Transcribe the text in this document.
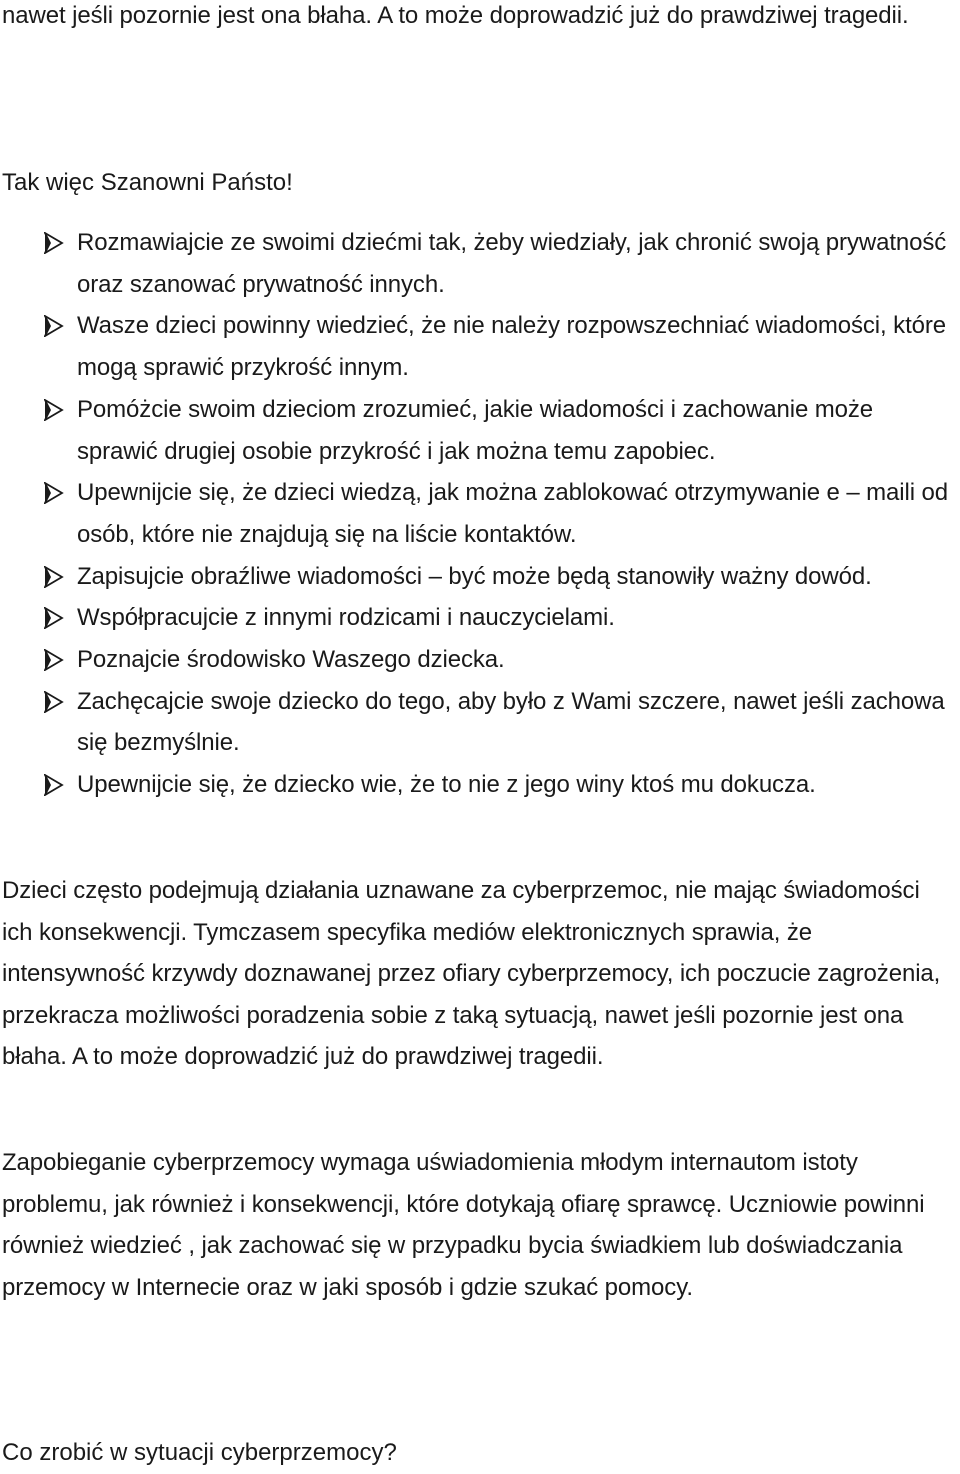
nawet jeśli pozornie jest ona błaha. A to może doprowadzić już do prawdziwej tragedii.

Tak więc Szanowni Państo!

Rozmawiajcie ze swoimi dziećmi tak, żeby wiedziały, jak chronić swoją prywatność oraz szanować prywatność innych.
Wasze dzieci powinny wiedzieć, że nie należy rozpowszechniać wiadomości, które mogą sprawić przykrość innym.
Pomóżcie swoim dzieciom zrozumieć, jakie wiadomości i zachowanie może sprawić drugiej osobie przykrość i jak można temu zapobiec.
Upewnijcie się, że dzieci wiedzą, jak można zablokować otrzymywanie e – maili od osób, które nie znajdują się na liście kontaktów.
Zapisujcie obraźliwe wiadomości – być może będą stanowiły ważny dowód.
Współpracujcie z innymi rodzicami i nauczycielami.
Poznajcie środowisko Waszego dziecka.
Zachęcajcie swoje dziecko do tego, aby było z Wami szczere, nawet jeśli zachowa się bezmyślnie.
Upewnijcie się, że dziecko wie, że to nie z jego winy ktoś mu dokucza.

Dzieci często podejmują działania uznawane za cyberprzemoc, nie mając świadomości ich konsekwencji. Tymczasem specyfika mediów elektronicznych sprawia, że intensywność krzywdy doznawanej przez ofiary cyberprzemocy, ich poczucie zagrożenia, przekracza możliwości poradzenia sobie z taką sytuacją, nawet jeśli pozornie jest ona błaha. A to może doprowadzić już do prawdziwej tragedii.

Zapobieganie cyberprzemocy wymaga uświadomienia młodym internautom istoty problemu, jak również i konsekwencji, które dotykają ofiarę sprawcę. Uczniowie powinni również wiedzieć , jak zachować się w przypadku bycia świadkiem lub doświadczania przemocy w Internecie oraz w jaki sposób i gdzie szukać pomocy.

Co zrobić w sytuacji cyberprzemocy?
